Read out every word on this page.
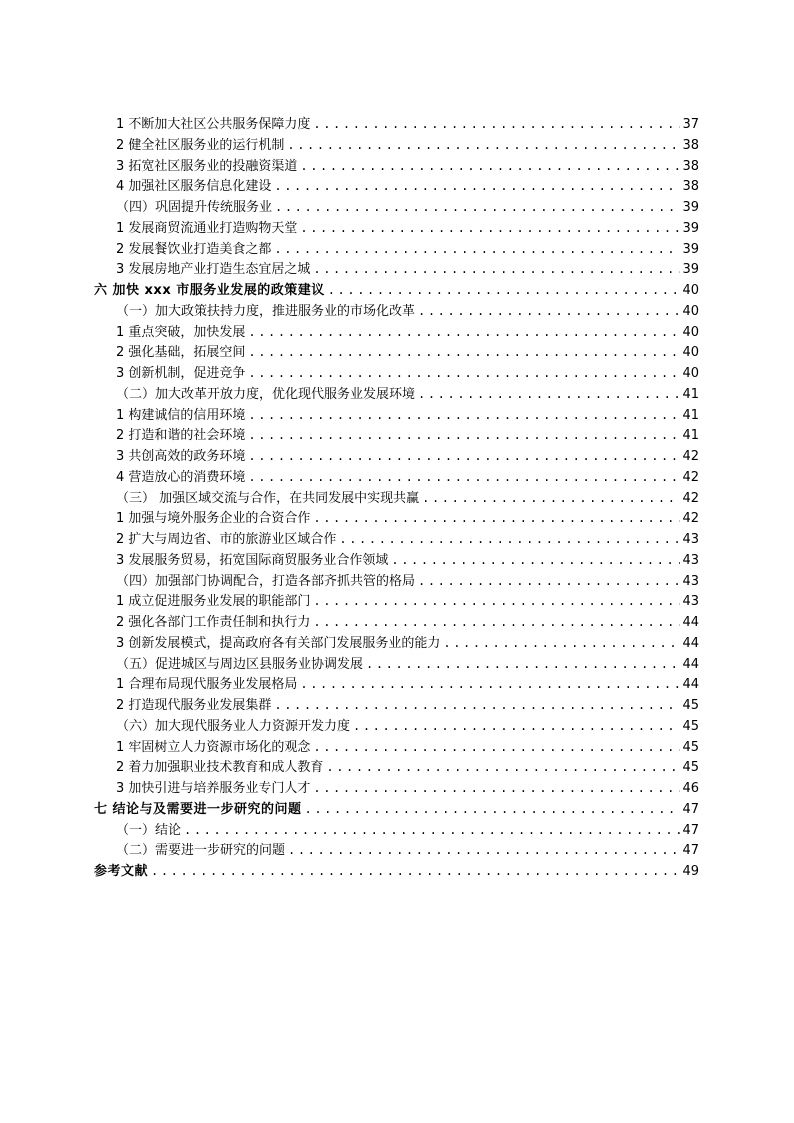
1 不断加大社区公共服务保障力度 .....	37
2 健全社区服务业的运行机制 .....	38
3 拓宽社区服务业的投融资渠道 .....	38
4 加强社区服务信息化建设 .....	38
（四）巩固提升传统服务业 .....	39
1 发展商贸流通业打造购物天堂 .....	39
2 发展餐饮业打造美食之都 .....	39
3 发展房地产业打造生态宜居之城 .....	39
六 加快 xxx 市服务业发展的政策建议 .....	40
（一）加大政策扶持力度，推进服务业的市场化改革 .....	40
1 重点突破，加快发展 .....	40
2 强化基础，拓展空间 .....	40
3 创新机制，促进竞争 .....	40
（二）加大改革开放力度，优化现代服务业发展环境 .....	41
1 构建诚信的信用环境 .....	41
2 打造和谐的社会环境 .....	41
3 共创高效的政务环境 .....	42
4 营造放心的消费环境 .....	42
（三） 加强区域交流与合作，在共同发展中实现共赢 .....	42
1 加强与境外服务企业的合资合作 .....	42
2 扩大与周边省、市的旅游业区域合作 .....	43
3 发展服务贸易，拓宽国际商贸服务业合作领域 .....	43
（四）加强部门协调配合，打造各部齐抓共管的格局 .....	43
1 成立促进服务业发展的职能部门 .....	43
2 强化各部门工作责任制和执行力 .....	44
3 创新发展模式，提高政府各有关部门发展服务业的能力 .....	44
（五）促进城区与周边区县服务业协调发展 .....	44
1 合理布局现代服务业发展格局 .....	44
2 打造现代服务业发展集群 .....	45
（六）加大现代服务业人力资源开发力度 .....	45
1 牢固树立人力资源市场化的观念 .....	45
2 着力加强职业技术教育和成人教育 .....	45
3 加快引进与培养服务业专门人才 .....	46
七 结论与及需要进一步研究的问题 .....	47
（一）结论 .....	47
（二）需要进一步研究的问题 .....	47
参考文献 .....	49
